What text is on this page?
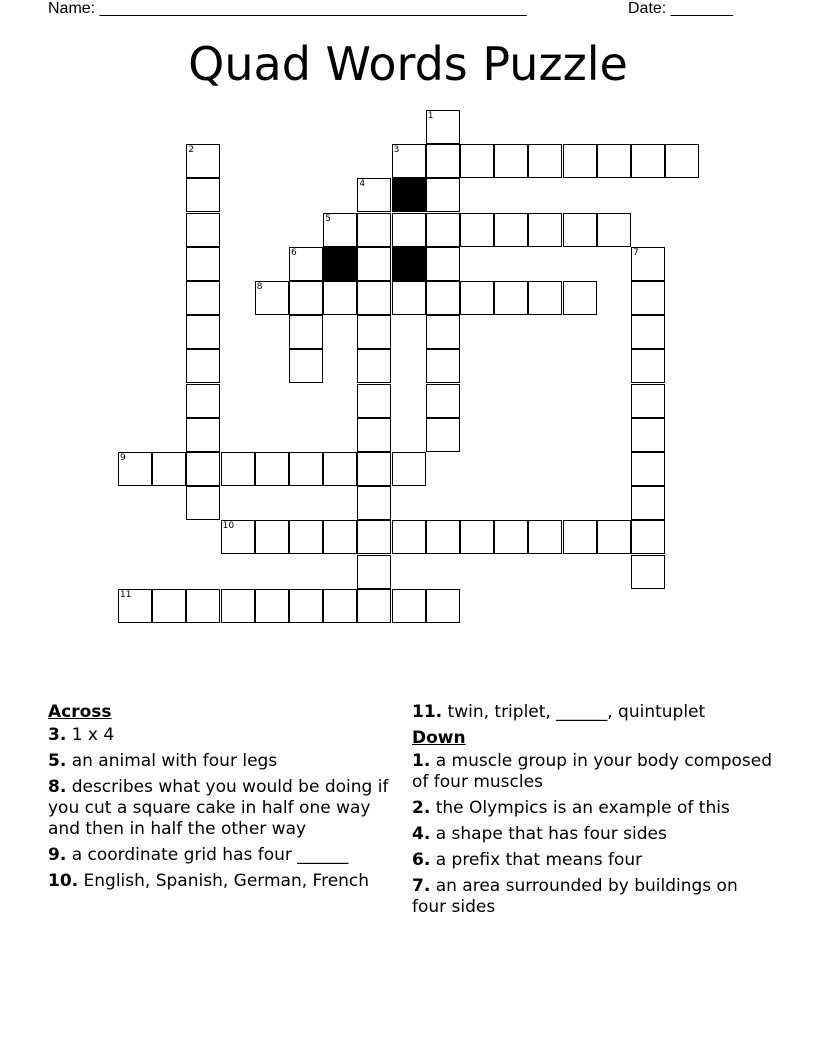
Name: ________________________________________________	Date: _______
Quad Words Puzzle
1
2	3
4
5
6	7
8
9
10
11
Across
3. 1 x 4
5. an animal with four legs
8. describes what you would be doing if you cut a square cake in half one way and then in half the other way
9. a coordinate grid has four ______
10. English, Spanish, German, French
11. twin, triplet, ______, quintuplet
Down
1. a muscle group in your body composed of four muscles
2. the Olympics is an example of this
4. a shape that has four sides
6. a prefix that means four
7. an area surrounded by buildings on four sides
